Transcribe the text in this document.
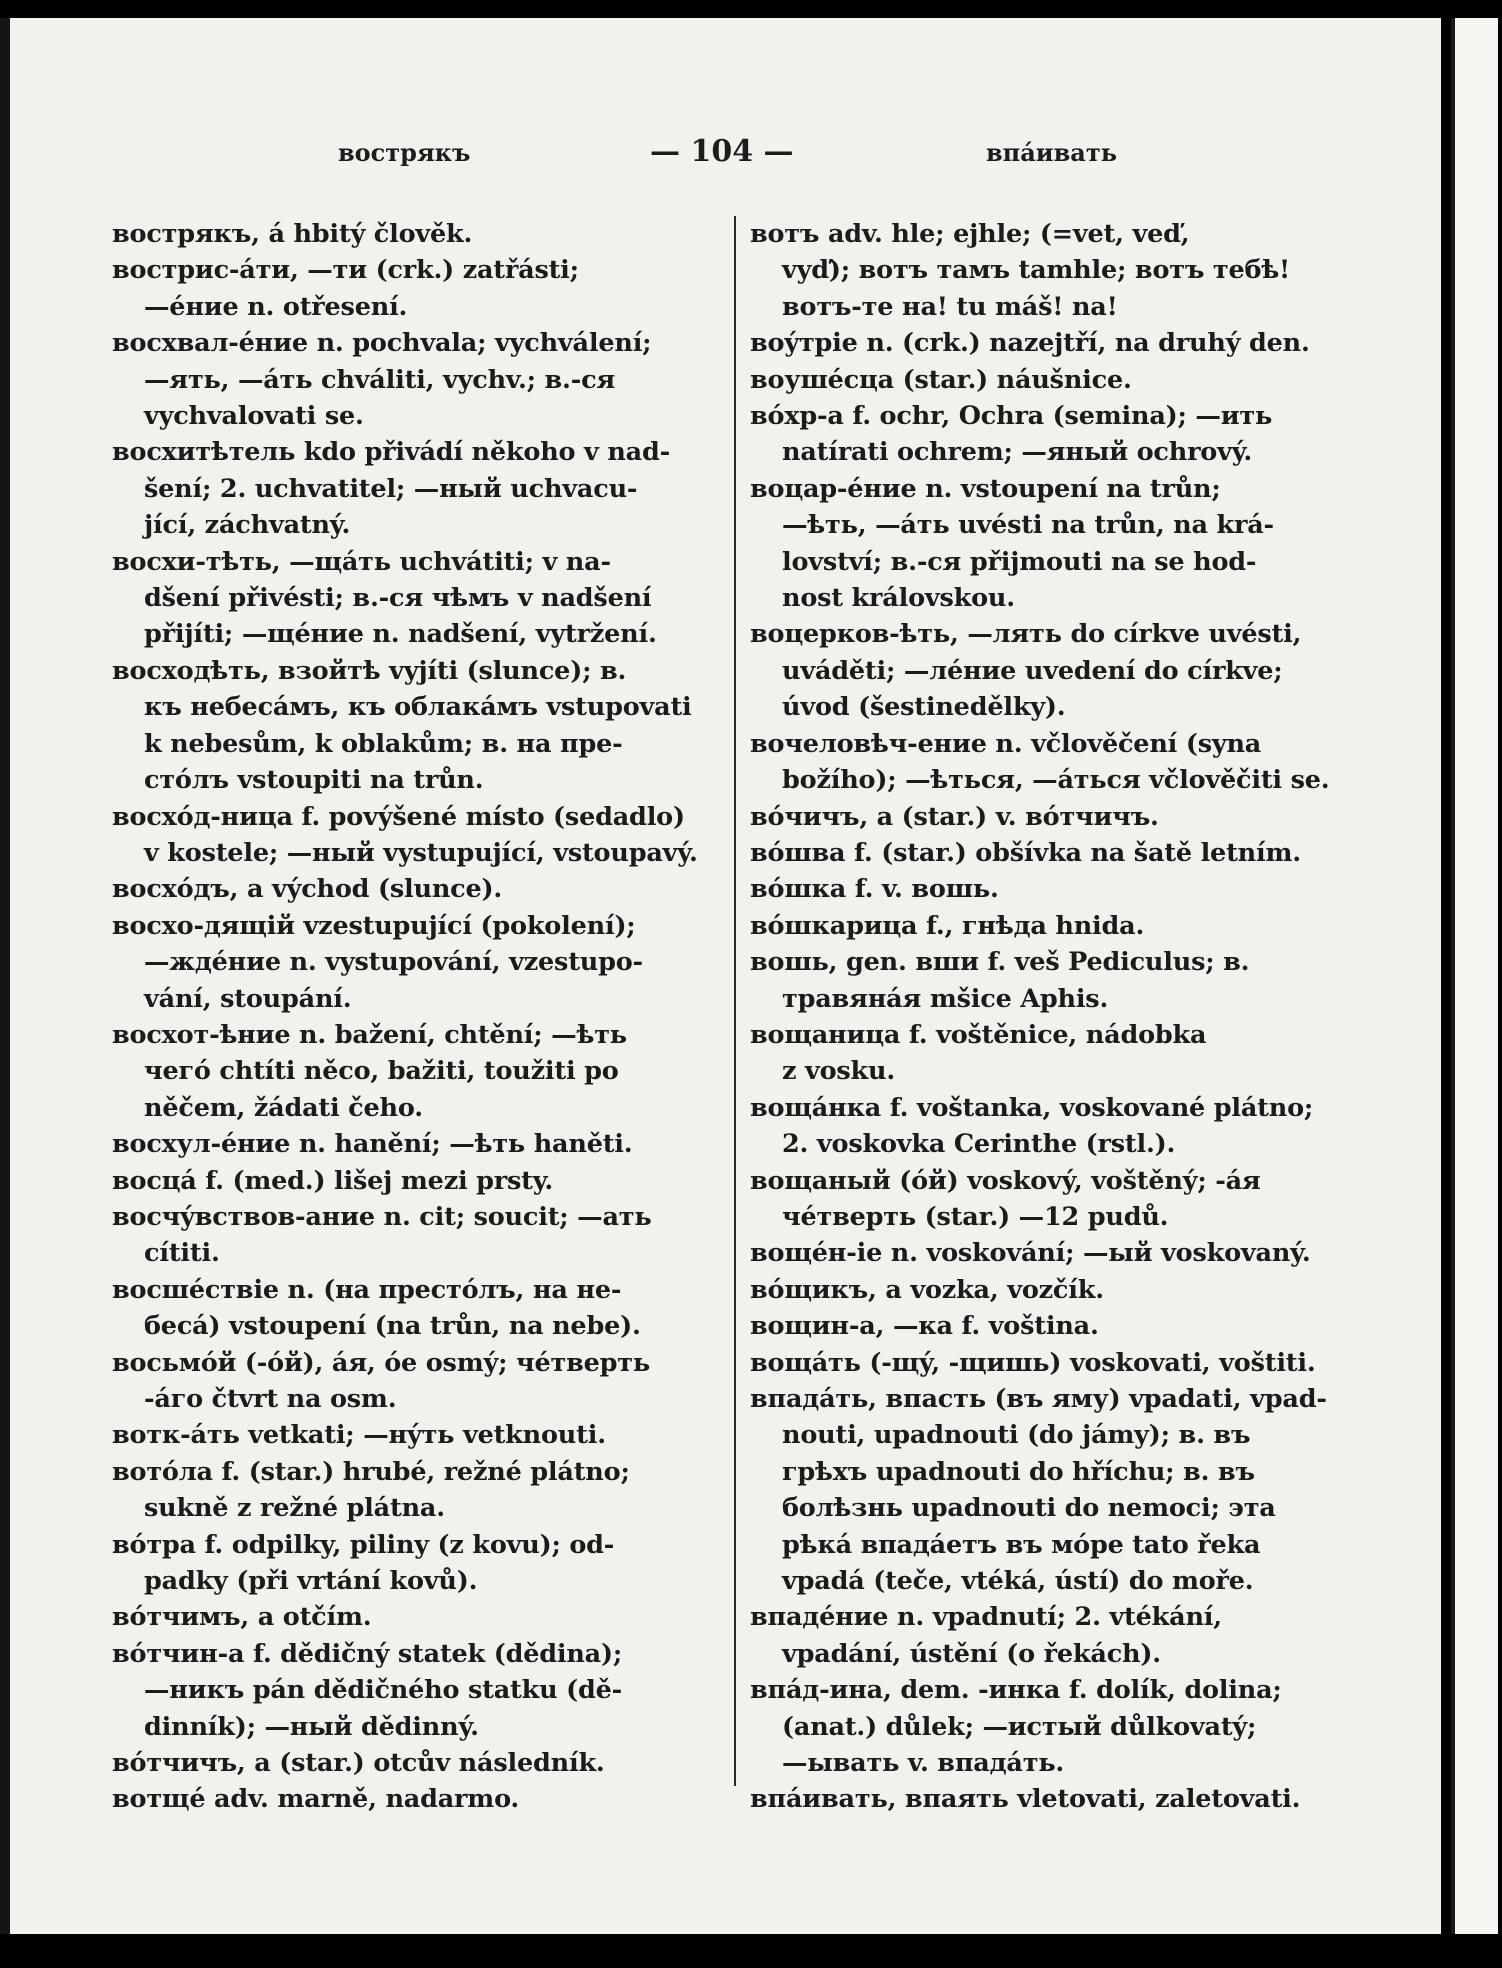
вострякъ	— 104 —	впáивать
вострякъ, á hbitý člověk.
вострис-áти, —ти (crk.) zatřásti;
—éние n. otřesení.
восхвал-éние n. pochvala; vychválení;
—ять, —áть chváliti, vychv.; в.-ся
vychvalovati se.
восхитѣтель kdo přivádí někoho v nad-
šení; 2. uchvatitel; —ный uchvacu-
jící, záchvatný.
восхи-тѣть, —щáть uchvátiti; v na-
dšení přivésti; в.-ся чѣмъ v nadšení
přijíti; —щéние n. nadšení, vytržení.
восходѣть, взойтѣ vyjíti (slunce); в.
къ небесáмъ, къ облакáмъ vstupovati
k nebesům, k oblakům; в. на пре-
стóлъ vstoupiti na trůn.
восхóд-ница f. povýšené místo (sedadlo)
v kostele; —ный vystupující, vstoupavý.
восхóдъ, а východ (slunce).
восхо-дящій vzestupující (pokolení);
—ждéние n. vystupování, vzestupo-
vání, stoupání.
восхот-ѣние n. bažení, chtění; —ѣть
чегó chtíti něco, bažiti, toužiti po
něčem, žádati čeho.
восхул-éние n. hanění; —ѣть haněti.
восцá f. (med.) lišej mezi prsty.
восчýвствов-ание n. cit; soucit; —ать
cítiti.
восшéствіе n. (на престóлъ, на не-
бесá) vstoupení (na trůn, na nebe).
восьмóй (-óй), áя, óе osmý; чéтверть
-áго čtvrt na osm.
вотк-áть vetkati; —нýть vetknouti.
вотóла f. (star.) hrubé, režné plátno;
sukně z režné plátna.
вóтра f. odpilky, piliny (z kovu); od-
padky (při vrtání kovů).
вóтчимъ, а otčím.
вóтчин-а f. dědičný statek (dědina);
—никъ pán dědičného statku (dě-
dinník); —ный dědinný.
вóтчичъ, а (star.) otcův následník.
вотщé adv. marně, nadarmo.
вотъ adv. hle; ejhle; (=vet, veď,
vyď); вотъ тамъ tamhle; вотъ тебѣ!
вотъ-те на! tu máš! na!
воýтріе n. (crk.) nazejtří, na druhý den.
воушéсца (star.) náušnice.
вóхр-а f. ochr, Ochra (semina); —ить
natírati ochrem; —яный ochrový.
воцар-éние n. vstoupení na trůn;
—ѣть, —áть uvésti na trůn, na krá-
lovství; в.-ся přijmouti na se hod-
nost královskou.
воцерков-ѣть, —лять do církve uvésti,
uváděti; —лéние uvedení do církve;
úvod (šestinedělky).
вочеловѣч-ение n. včlověčení (syna
božího); —ѣться, —áться včlověčiti se.
вóчичъ, а (star.) v. вóтчичъ.
вóшва f. (star.) obšívka na šatě letním.
вóшка f. v. вошь.
вóшкарица f., гнѣда hnida.
вошь, gen. вши f. veš Pediculus; в.
травянáя mšice Aphis.
вощаница f. voštěnice, nádobka
z vosku.
вощáнка f. voštanka, voskované plátno;
2. voskovka Cerinthe (rstl.).
вощаный (óй) voskový, voštěný; -áя
чéтверть (star.) —12 pudů.
вощéн-іе n. voskování; —ый voskovaný.
вóщикъ, а vozka, vozčík.
вощин-а, —ка f. voština.
вощáть (-щý, -щишь) voskovati, voštiti.
впадáть, впасть (въ яму) vpadati, vpad-
nouti, upadnouti (do jámy); в. въ
грѣхъ upadnouti do hříchu; в. въ
болѣзнь upadnouti do nemoci; эта
рѣкá впадáетъ въ мóре tato řeka
vpadá (teče, vtéká, ústí) do moře.
впадéние n. vpadnutí; 2. vtékání,
vpadání, ústění (o řekách).
впáд-ина, dem. -инка f. dolík, dolina;
(anat.) důlek; —истый důlkovatý;
—ывать v. впадáть.
впáивать, впаять vletovati, zaletovati.
